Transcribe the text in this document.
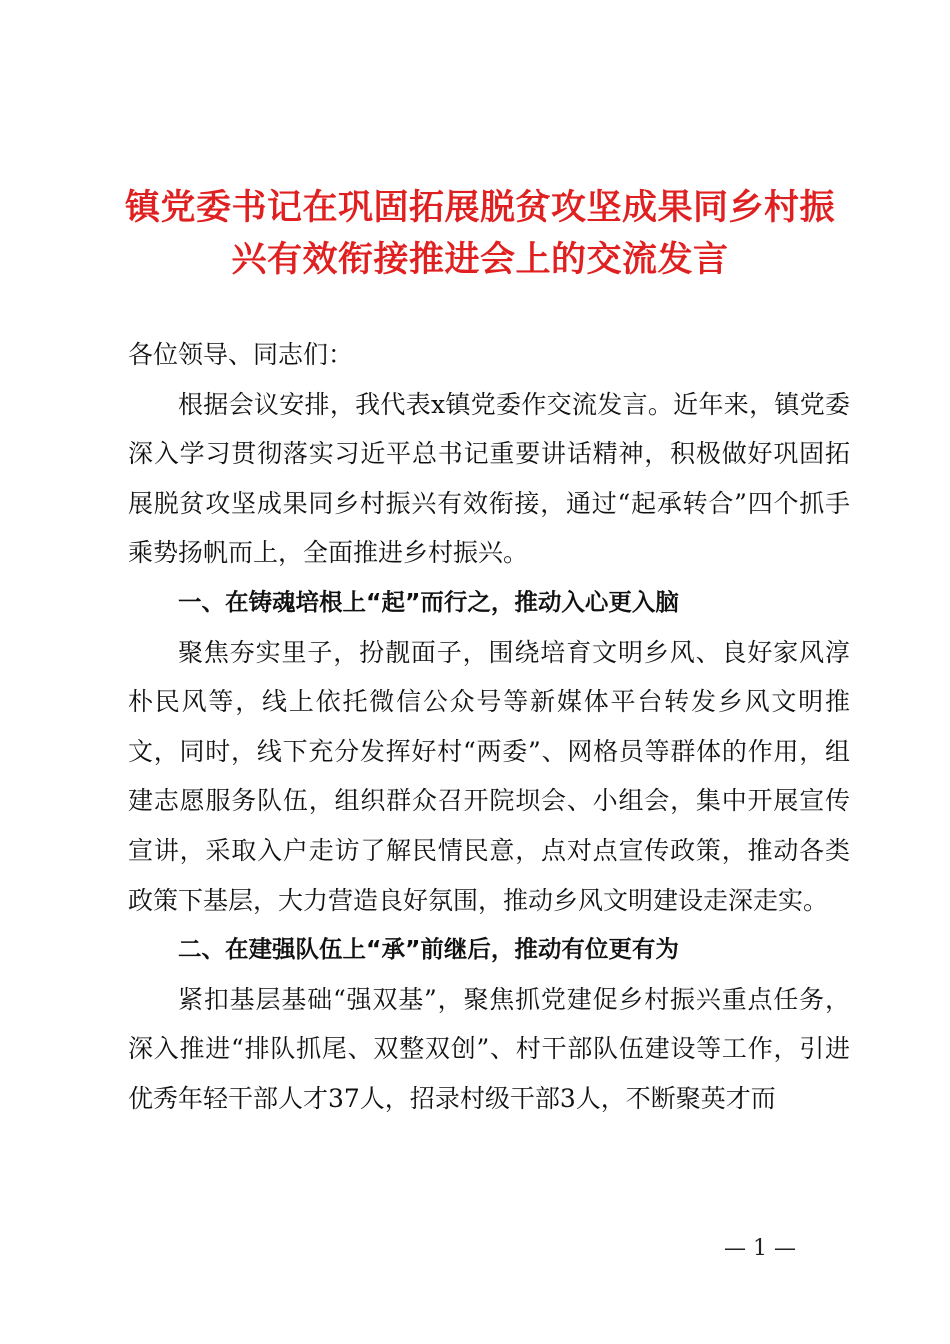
镇党委书记在巩固拓展脱贫攻坚成果同乡村振
兴有效衔接推进会上的交流发言

各位领导、同志们：

根据会议安排，我代表x镇党委作交流发言。近年来，镇党委深入学习贯彻落实习近平总书记重要讲话精神，积极做好巩固拓展脱贫攻坚成果同乡村振兴有效衔接，通过“起承转合”四个抓手乘势扬帆而上，全面推进乡村振兴。

一、在铸魂培根上“起”而行之，推动入心更入脑

聚焦夯实里子，扮靓面子，围绕培育文明乡风、良好家风淳朴民风等，线上依托微信公众号等新媒体平台转发乡风文明推文，同时，线下充分发挥好村“两委”、网格员等群体的作用，组建志愿服务队伍，组织群众召开院坝会、小组会，集中开展宣传宣讲，采取入户走访了解民情民意，点对点宣传政策，推动各类政策下基层，大力营造良好氛围，推动乡风文明建设走深走实。

二、在建强队伍上“承”前继后，推动有位更有为

紧扣基层基础“强双基”，聚焦抓党建促乡村振兴重点任务，深入推进“排队抓尾、双整双创”、村干部队伍建设等工作，引进优秀年轻干部人才37人，招录村级干部3人，不断聚英才而

— 1 —
